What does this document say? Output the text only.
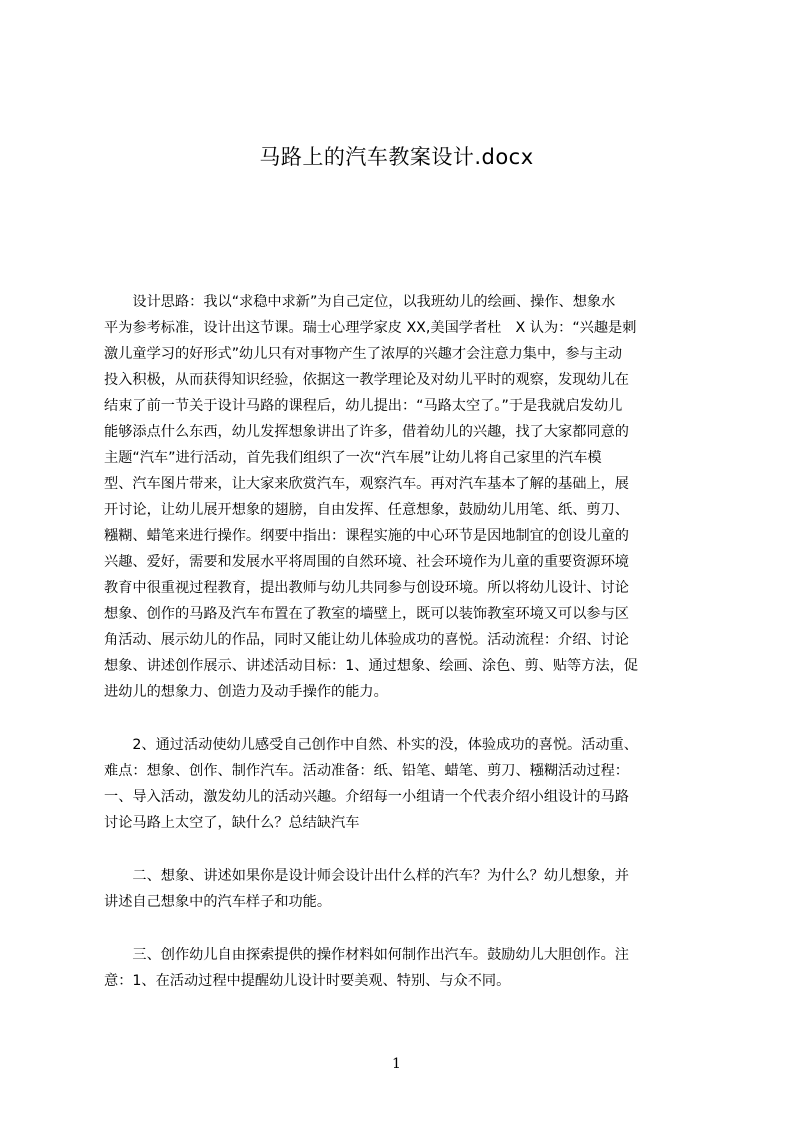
马路上的汽车教案设计.docx

　　设计思路：我以“求稳中求新”为自己定位，以我班幼儿的绘画、操作、想象水

平为参考标准，设计出这节课。瑞士心理学家皮 XX,美国学者杜　X 认为：“兴趣是刺

激儿童学习的好形式”幼儿只有对事物产生了浓厚的兴趣才会注意力集中，参与主动

投入积极，从而获得知识经验，依据这一教学理论及对幼儿平时的观察，发现幼儿在

结束了前一节关于设计马路的课程后，幼儿提出：“马路太空了。”于是我就启发幼儿

能够添点什么东西，幼儿发挥想象讲出了许多，借着幼儿的兴趣，找了大家都同意的

主题“汽车”进行活动，首先我们组织了一次“汽车展”让幼儿将自己家里的汽车模

型、汽车图片带来，让大家来欣赏汽车，观察汽车。再对汽车基本了解的基础上，展

开讨论，让幼儿展开想象的翅膀，自由发挥、任意想象，鼓励幼儿用笔、纸、剪刀、

糨糊、蜡笔来进行操作。纲要中指出：课程实施的中心环节是因地制宜的创设儿童的

兴趣、爱好，需要和发展水平将周围的自然环境、社会环境作为儿童的重要资源环境

教育中很重视过程教育，提出教师与幼儿共同参与创设环境。所以将幼儿设计、讨论

想象、创作的马路及汽车布置在了教室的墙壁上，既可以装饰教室环境又可以参与区

角活动、展示幼儿的作品，同时又能让幼儿体验成功的喜悦。活动流程：介绍、讨论

想象、讲述创作展示、讲述活动目标：1、通过想象、绘画、涂色、剪、贴等方法，促

进幼儿的想象力、创造力及动手操作的能力。

　　2、通过活动使幼儿感受自己创作中自然、朴实的没，体验成功的喜悦。活动重、

难点：想象、创作、制作汽车。活动准备：纸、铅笔、蜡笔、剪刀、糨糊活动过程：

一、导入活动，激发幼儿的活动兴趣。介绍每一小组请一个代表介绍小组设计的马路

讨论马路上太空了，缺什么？总结缺汽车

　　二、想象、讲述如果你是设计师会设计出什么样的汽车？为什么？幼儿想象，并

讲述自己想象中的汽车样子和功能。

　　三、创作幼儿自由探索提供的操作材料如何制作出汽车。鼓励幼儿大胆创作。注

意：1、在活动过程中提醒幼儿设计时要美观、特别、与众不同。

1
